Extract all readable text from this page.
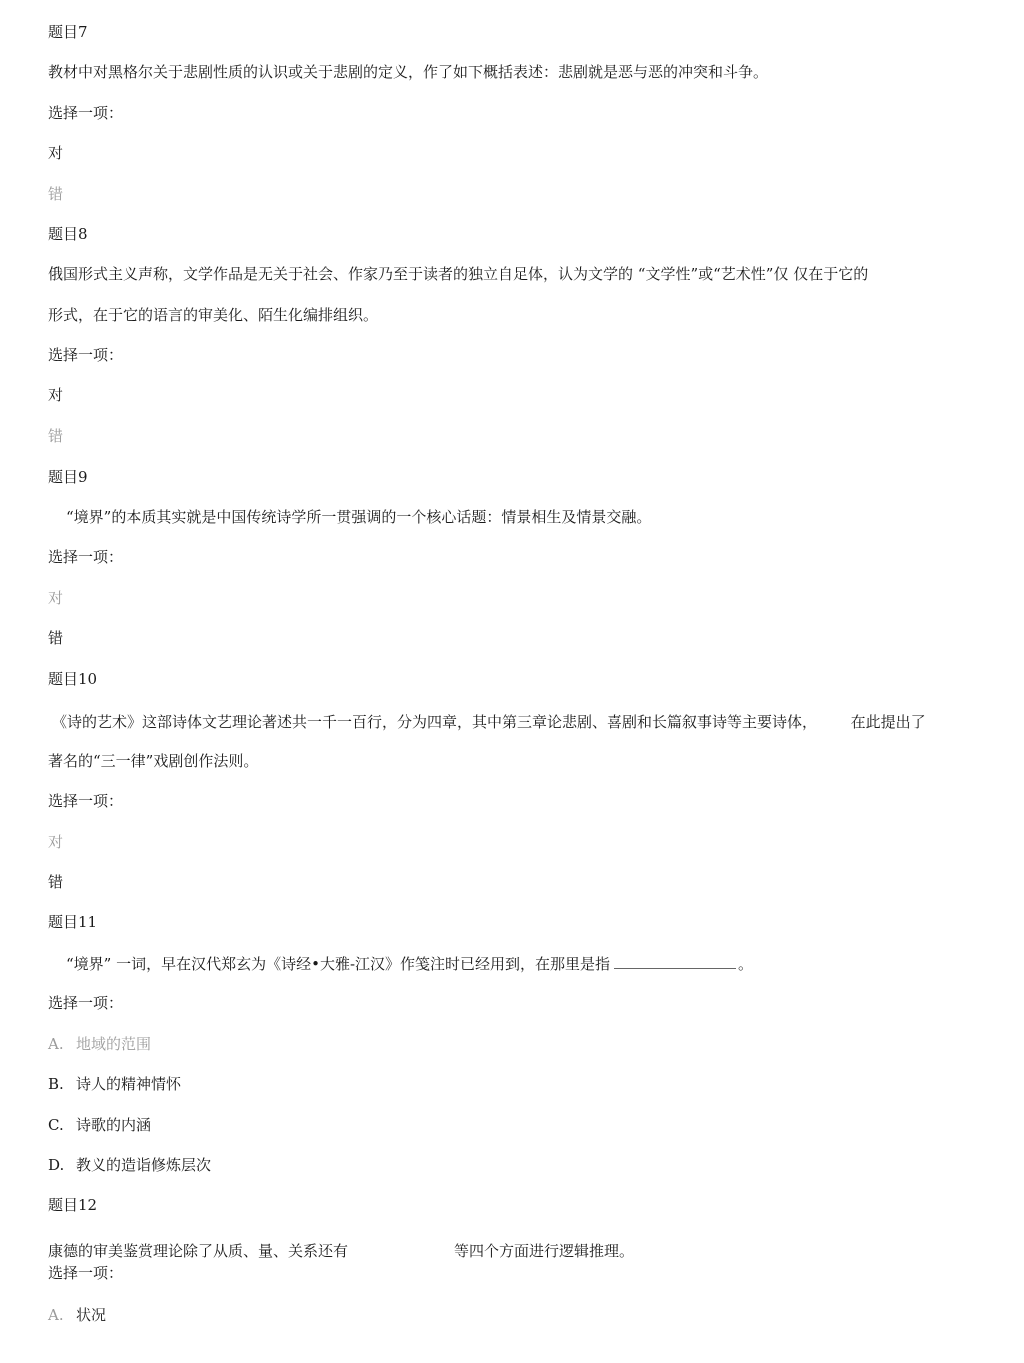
题目7
教材中对黑格尔关于悲剧性质的认识或关于悲剧的定义，作了如下概括表述：悲剧就是恶与恶的冲突和斗争。
选择一项：
对
错
题目8
俄国形式主义声称，文学作品是无关于社会、作家乃至于读者的独立自足体，认为文学的 “文学性”或“艺术性”仅 仅在于它的
形式，在于它的语言的审美化、陌生化编排组织。
选择一项：
对
错
题目9
“境界”的本质其实就是中国传统诗学所一贯强调的一个核心话题：情景相生及情景交融。
选择一项：
对
错
题目10
《诗的艺术》这部诗体文艺理论著述共一千一百行，分为四章，其中第三章论悲剧、喜剧和长篇叙事诗等主要诗体， 在此提出了
著名的“三一律”戏剧创作法则。
选择一项：
对
错
题目11
“境界” 一词，早在汉代郑玄为《诗经•大雅-江汉》作笺注时已经用到，在那里是指	。
选择一项：
A. 地域的范围
B. 诗人的精神情怀
C. 诗歌的内涵
D. 教义的造诣修炼层次
题目12
康德的审美鉴赏理论除了从质、量、关系还有	等四个方面进行逻辑推理。
选择一项：
A. 状况
